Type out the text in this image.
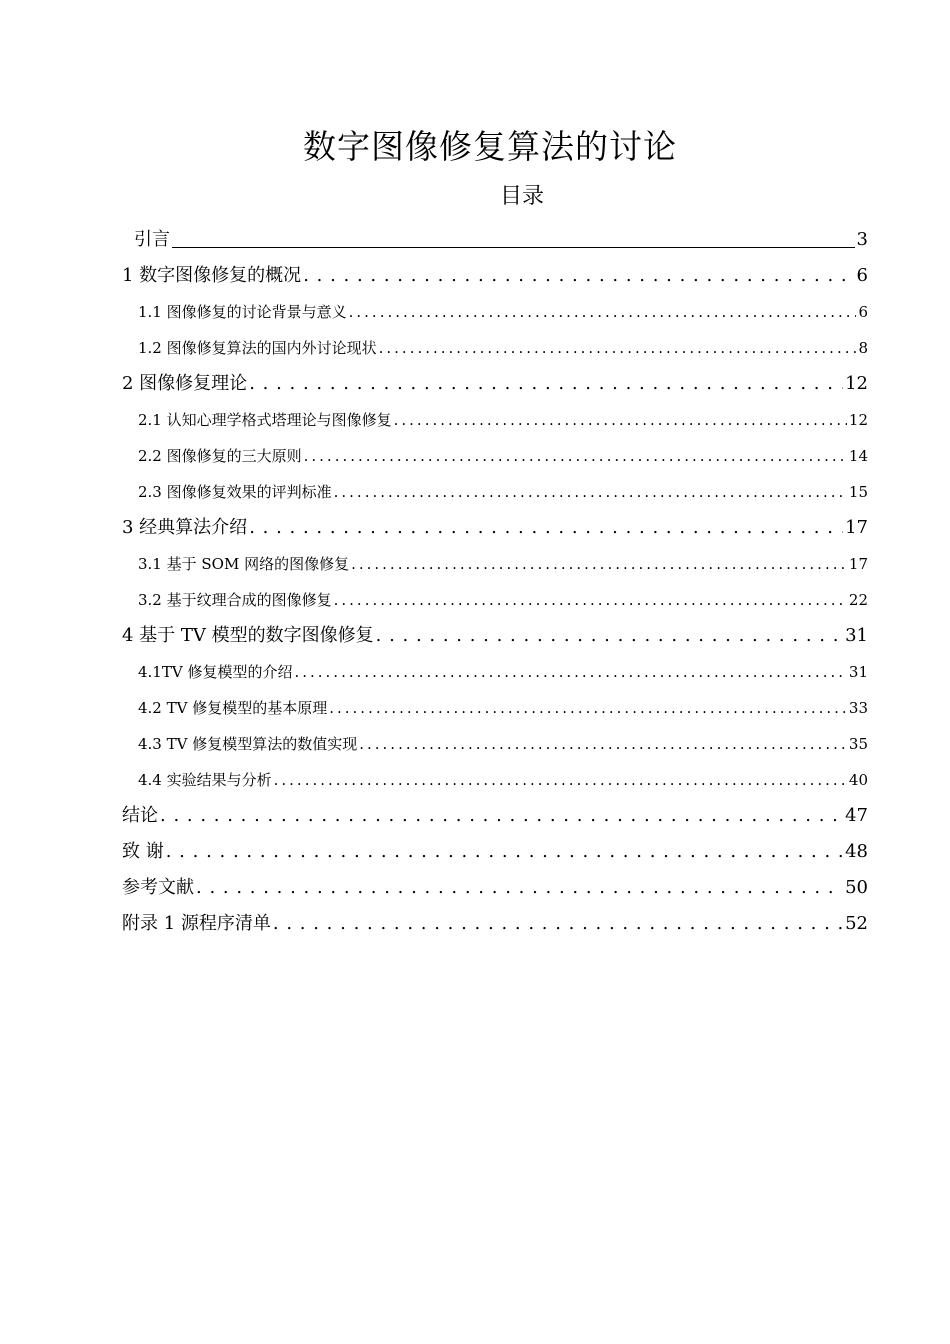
数字图像修复算法的讨论
目录
引言	3
1 数字图像修复的概况 . . .	6
1.1 图像修复的讨论背景与意义 .....	6
1.2 图像修复算法的国内外讨论现状 .....	8
2 图像修复理论 . . .	12
2.1 认知心理学格式塔理论与图像修复 .....	12
2.2 图像修复的三大原则 .....	14
2.3 图像修复效果的评判标准 .....	15
3 经典算法介绍 . . .	17
3.1 基于 SOM 网络的图像修复 .....	17
3.2 基于纹理合成的图像修复 .....	22
4 基于 TV 模型的数字图像修复 . . .	31
4.1TV 修复模型的介绍 .....	31
4.2 TV 修复模型的基本原理 .....	33
4.3 TV 修复模型算法的数值实现 .....	35
4.4 实验结果与分析 .....	40
结论 . . .	47
致 谢 . . .	48
参考文献 . . .	50
附录 1 源程序清单 . . .	52
